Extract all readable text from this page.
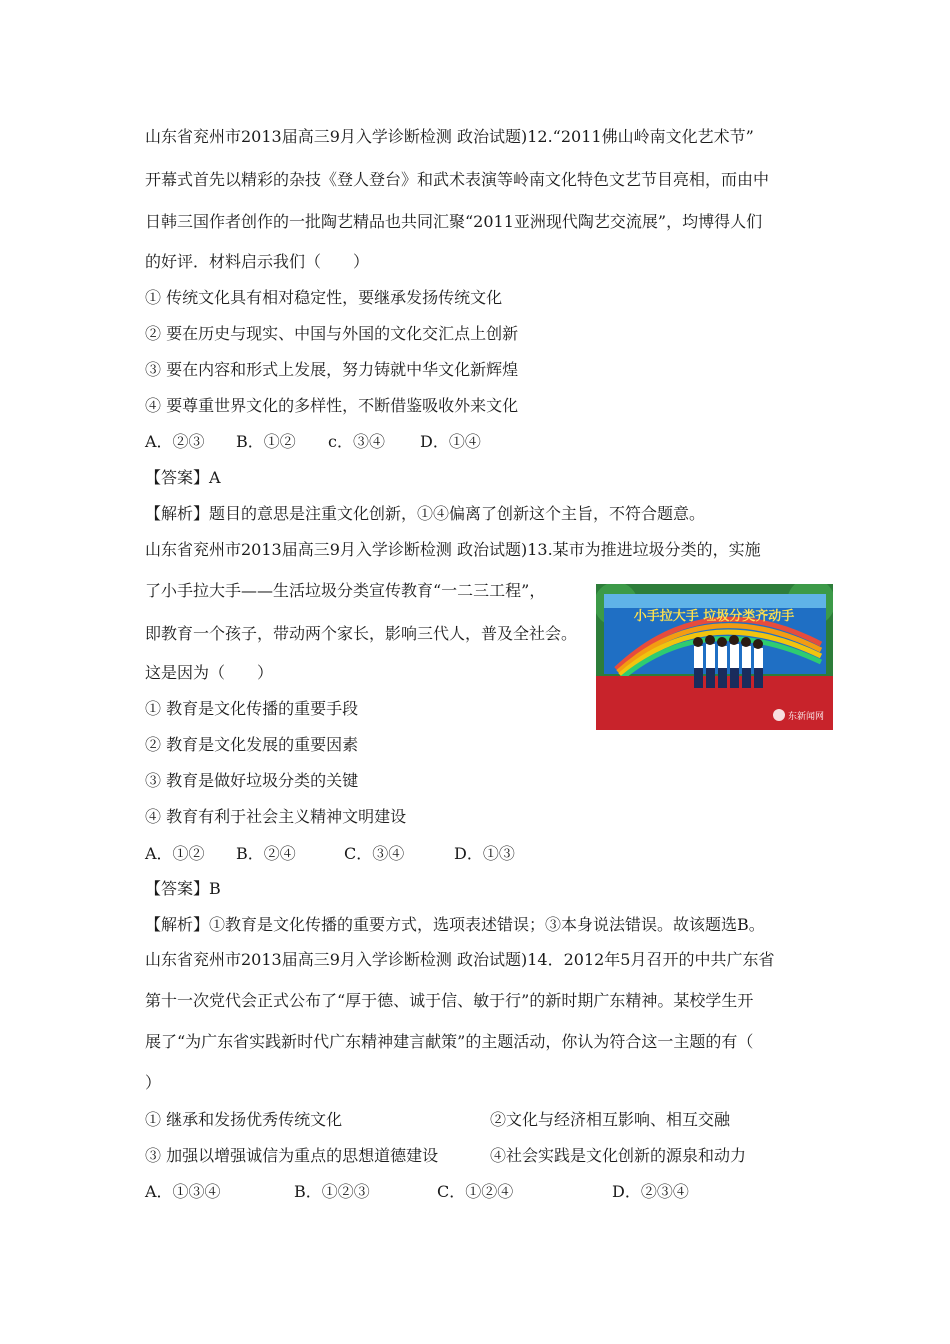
山东省兖州市2013届高三9月入学诊断检测 政治试题)12.“2011佛山岭南文化艺术节”
开幕式首先以精彩的杂技《登人登台》和武术表演等岭南文化特色文艺节目亮相，而由中
日韩三国作者创作的一批陶艺精品也共同汇聚“2011亚洲现代陶艺交流展”，均博得人们
的好评．材料启示我们（　　）
① 传统文化具有相对稳定性，要继承发扬传统文化
② 要在历史与现实、中国与外国的文化交汇点上创新
③ 要在内容和形式上发展，努力铸就中华文化新辉煌
④ 要尊重世界文化的多样性，不断借鉴吸收外来文化
A．②③ B．①② c．③④ D．①④
【答案】A
【解析】题目的意思是注重文化创新，①④偏离了创新这个主旨，不符合题意。
山东省兖州市2013届高三9月入学诊断检测 政治试题)13.某市为推进垃圾分类的，实施
了小手拉大手——生活垃圾分类宣传教育“一二三工程”，
即教育一个孩子，带动两个家长，影响三代人，普及全社会。
这是因为（　　）
① 教育是文化传播的重要手段
② 教育是文化发展的重要因素
③ 教育是做好垃圾分类的关键
④ 教育有利于社会主义精神文明建设
A．①② B．②④	C．③④	D．①③
【答案】B
【解析】①教育是文化传播的重要方式，选项表述错误；③本身说法错误。故该题选B。
小手拉大手 垃圾分类齐动手
东新闻网
山东省兖州市2013届高三9月入学诊断检测 政治试题)14．2012年5月召开的中共广东省
第十一次党代会正式公布了“厚于德、诚于信、敏于行”的新时期广东精神。某校学生开
展了“为广东省实践新时代广东精神建言献策”的主题活动，你认为符合这一主题的有（
）
① 继承和发扬优秀传统文化	②文化与经济相互影响、相互交融
③ 加强以增强诚信为重点的思想道德建设	④社会实践是文化创新的源泉和动力
A．①③④	B．①②③	C．①②④	D．②③④
